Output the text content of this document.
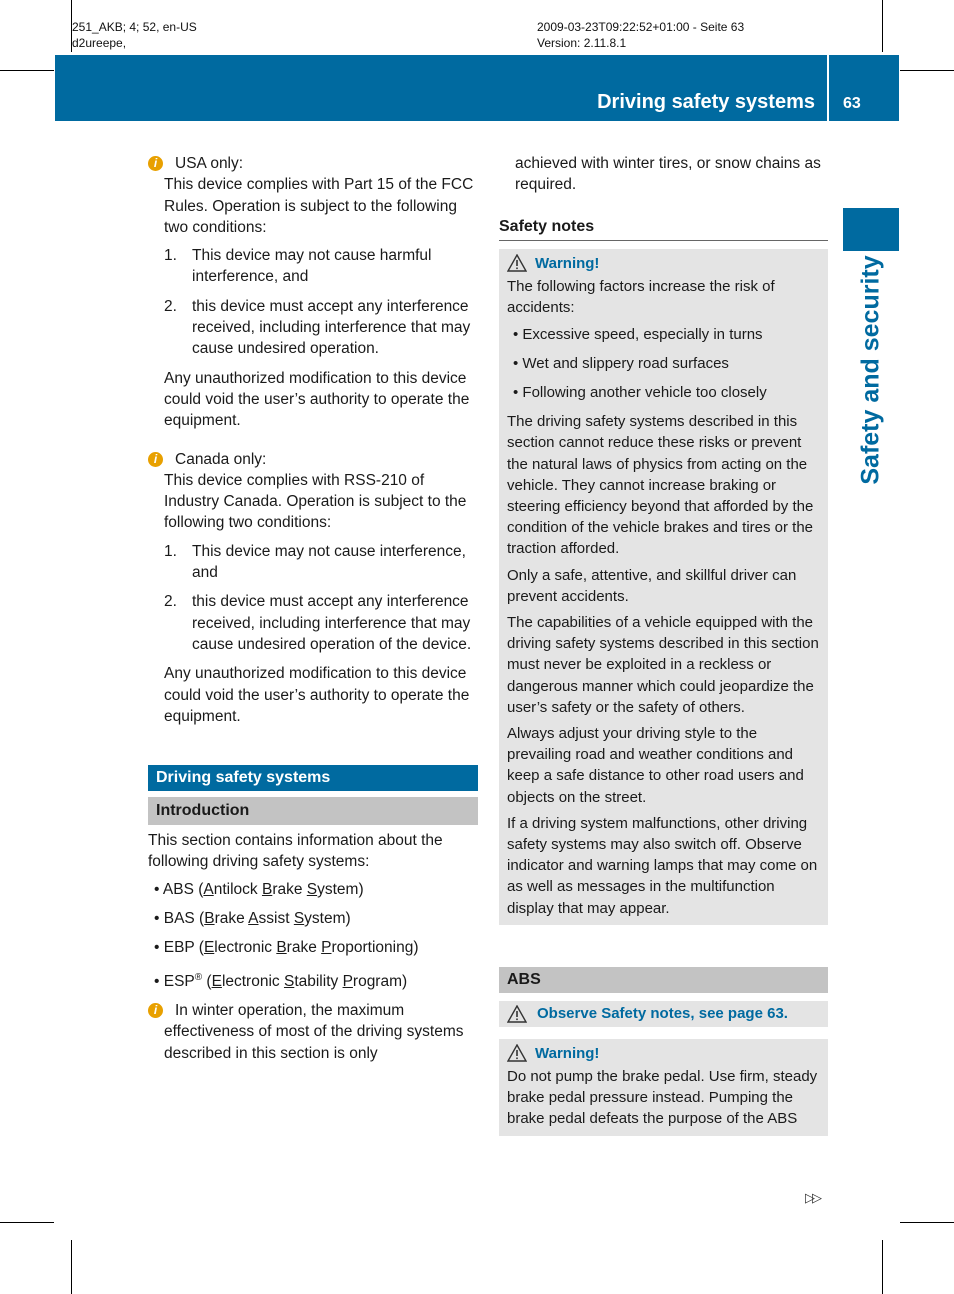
251_AKB; 4; 52, en-US
d2ureepe,
2009-03-23T09:22:52+01:00 - Seite 63
Version: 2.11.8.1
Driving safety systems 63
Safety and security
i	USA only:

This device complies with Part 15 of the FCC Rules. Operation is subject to the following two conditions:

1. This device may not cause harmful interference, and
2. this device must accept any interference received, including interference that may cause undesired operation.

Any unauthorized modification to this device could void the user’s authority to operate the equipment.

i	Canada only:

This device complies with RSS-210 of Industry Canada. Operation is subject to the following two conditions:

1. This device may not cause interference, and
2. this device must accept any interference received, including interference that may cause undesired operation of the device.

Any unauthorized modification to this device could void the user’s authority to operate the equipment.

Driving safety systems
Introduction

This section contains information about the following driving safety systems:

• ABS (Antilock Brake System)
• BAS (Brake Assist System)
• EBP (Electronic Brake Proportioning)
• ESP® (Electronic Stability Program)
i	In winter operation, the maximum effectiveness of most of the driving systems described in this section is only

achieved with winter tires, or snow chains as required.

Safety notes
Warning!

The following factors increase the risk of accidents:

• Excessive speed, especially in turns
• Wet and slippery road surfaces
• Following another vehicle too closely

The driving safety systems described in this section cannot reduce these risks or prevent the natural laws of physics from acting on the vehicle. They cannot increase braking or steering efficiency beyond that afforded by the condition of the vehicle brakes and tires or the traction afforded.

Only a safe, attentive, and skillful driver can prevent accidents.

The capabilities of a vehicle equipped with the driving safety systems described in this section must never be exploited in a reckless or dangerous manner which could jeopardize the user’s safety or the safety of others.

Always adjust your driving style to the prevailing road and weather conditions and keep a safe distance to other road users and objects on the street.

If a driving system malfunctions, other driving safety systems may also switch off. Observe indicator and warning lamps that may come on as well as messages in the multifunction display that may appear.

ABS
Observe Safety notes, see page 63.
Warning!

Do not pump the brake pedal. Use firm, steady brake pedal pressure instead. Pumping the brake pedal defeats the purpose of the ABS

▷▷
